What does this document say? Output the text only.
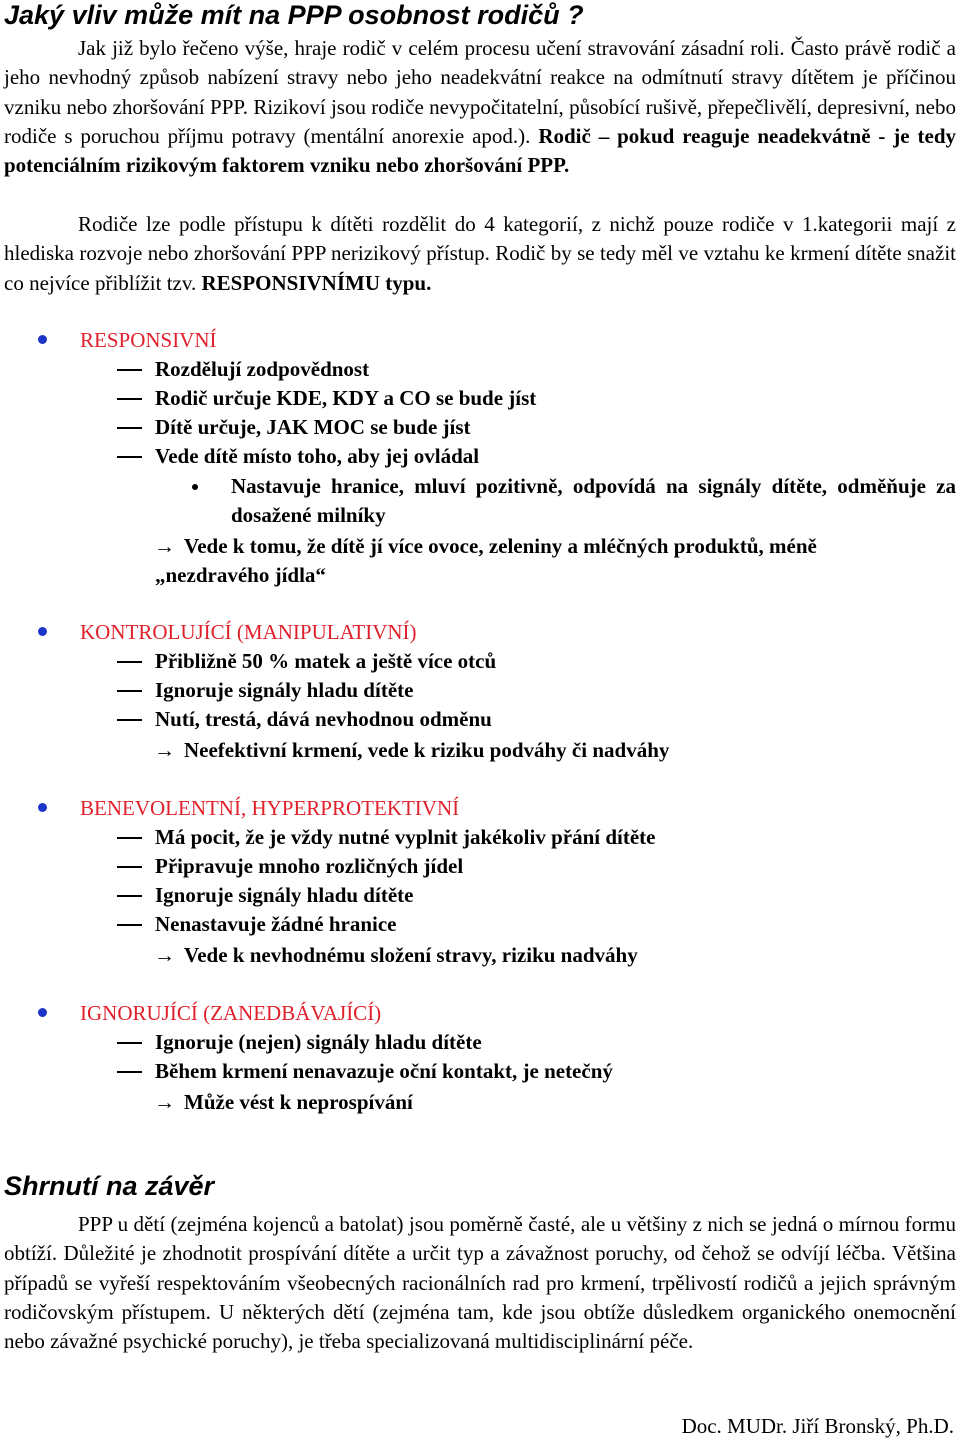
Jaký vliv může mít na PPP osobnost rodičů ?

Jak již bylo řečeno výše, hraje rodič v celém procesu učení stravování zásadní roli. Často právě rodič a jeho nevhodný způsob nabízení stravy nebo jeho neadekvátní reakce na odmítnutí stravy dítětem je příčinou vzniku nebo zhoršování PPP. Rizikoví jsou rodiče nevypočitatelní, působící rušivě, přepečlivělí, depresivní, nebo rodiče s poruchou příjmu potravy (mentální anorexie apod.). Rodič – pokud reaguje neadekvátně - je tedy potenciálním rizikovým faktorem vzniku nebo zhoršování PPP.

Rodiče lze podle přístupu k dítěti rozdělit do 4 kategorií, z nichž pouze rodiče v 1.kategorii mají z hlediska rozvoje nebo zhoršování PPP nerizikový přístup. Rodič by se tedy měl ve vztahu ke krmení dítěte snažit co nejvíce přiblížit tzv. RESPONSIVNÍMU typu.

RESPONSIVNÍ

Rozdělují zodpovědnost

Rodič určuje KDE, KDY a CO se bude jíst

Dítě určuje, JAK MOC se bude jíst

Vede dítě místo toho, aby jej ovládal

Nastavuje hranice, mluví pozitivně, odpovídá na signály dítěte, odměňuje za dosažené milníky

→ Vede k tomu, že dítě jí více ovoce, zeleniny a mléčných produktů, méně

„nezdravého jídla“

KONTROLUJÍCÍ (MANIPULATIVNÍ)

Přibližně 50 % matek a ještě více otců

Ignoruje signály hladu dítěte

Nutí, trestá, dává nevhodnou odměnu

→ Neefektivní krmení, vede k riziku podváhy či nadváhy

BENEVOLENTNÍ, HYPERPROTEKTIVNÍ

Má pocit, že je vždy nutné vyplnit jakékoliv přání dítěte

Připravuje mnoho rozličných jídel

Ignoruje signály hladu dítěte

Nenastavuje žádné hranice

→ Vede k nevhodnému složení stravy, riziku nadváhy

IGNORUJÍCÍ (ZANEDBÁVAJÍCÍ)

Ignoruje (nejen) signály hladu dítěte

Během krmení nenavazuje oční kontakt, je netečný

→ Může vést k neprospívání

Shrnutí na závěr

PPP u dětí (zejména kojenců a batolat) jsou poměrně časté, ale u většiny z nich se jedná o mírnou formu obtíží. Důležité je zhodnotit prospívání dítěte a určit typ a závažnost poruchy, od čehož se odvíjí léčba. Většina případů se vyřeší respektováním všeobecných racionálních rad pro krmení, trpělivostí rodičů a jejich správným rodičovským přístupem. U některých dětí (zejména tam, kde jsou obtíže důsledkem organického onemocnění nebo závažné psychické poruchy), je třeba specializovaná multidisciplinární péče.

Doc. MUDr. Jiří Bronský, Ph.D.
